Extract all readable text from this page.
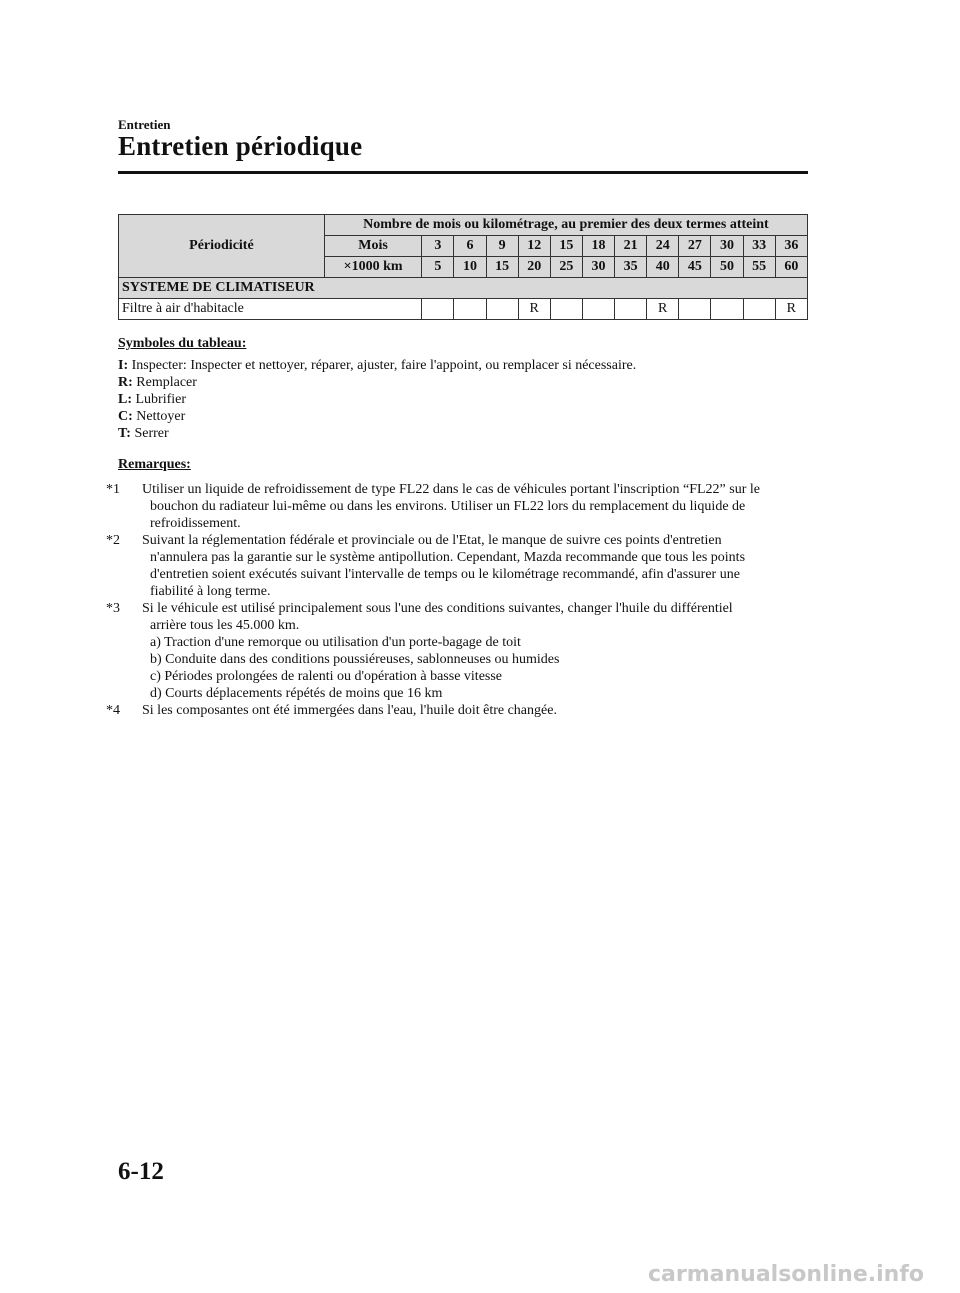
Entretien
Entretien périodique
Périodicité	Nombre de mois ou kilométrage, au premier des deux termes atteint												
	Mois	3	6	9	12	15	18	21	24	27	30	33	36
	×1000 km	5	10	15	20	25	30	35	40	45	50	55	60
SYSTEME DE CLIMATISEUR													
Filtre à air d'habitacle					R				R				R
Symboles du tableau:
I: Inspecter: Inspecter et nettoyer, réparer, ajuster, faire l'appoint, ou remplacer si nécessaire.
R: Remplacer
L: Lubrifier
C: Nettoyer
T: Serrer
Remarques:
*1	Utiliser un liquide de refroidissement de type FL22 dans le cas de véhicules portant l'inscription “FL22” sur le
bouchon du radiateur lui-même ou dans les environs. Utiliser un FL22 lors du remplacement du liquide de
refroidissement.
*2	Suivant la réglementation fédérale et provinciale ou de l'Etat, le manque de suivre ces points d'entretien
n'annulera pas la garantie sur le système antipollution. Cependant, Mazda recommande que tous les points
d'entretien soient exécutés suivant l'intervalle de temps ou le kilométrage recommandé, afin d'assurer une
fiabilité à long terme.
*3	Si le véhicule est utilisé principalement sous l'une des conditions suivantes, changer l'huile du différentiel
arrière tous les 45.000 km.
a) Traction d'une remorque ou utilisation d'un porte-bagage de toit
b) Conduite dans des conditions poussiéreuses, sablonneuses ou humides
c) Périodes prolongées de ralenti ou d'opération à basse vitesse
d) Courts déplacements répétés de moins que 16 km
*4	Si les composantes ont été immergées dans l'eau, l'huile doit être changée.
6-12
carmanualsonline.info
